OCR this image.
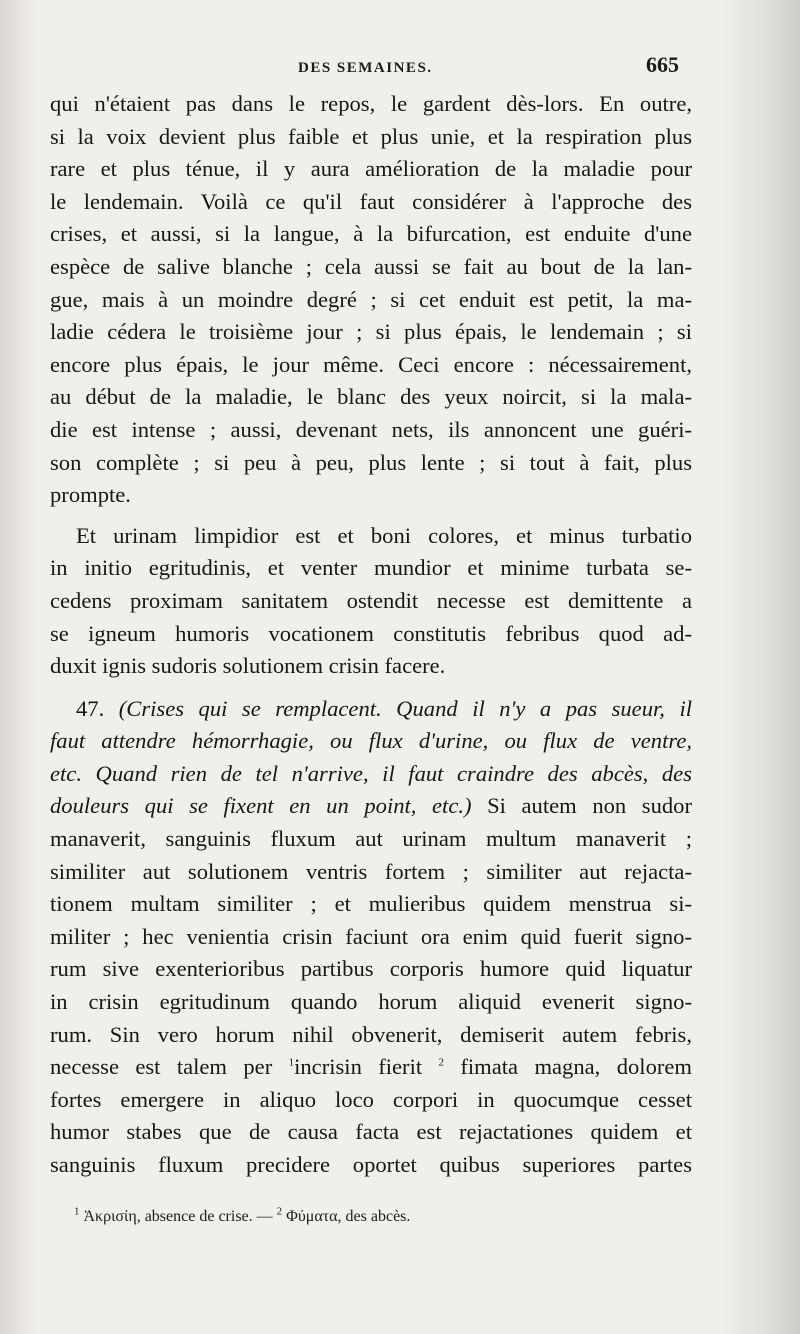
DES SEMAINES.	665
qui n'étaient pas dans le repos, le gardent dès-lors. En outre,
si la voix devient plus faible et plus unie, et la respiration plus
rare et plus ténue, il y aura amélioration de la maladie pour
le lendemain. Voilà ce qu'il faut considérer à l'approche des
crises, et aussi, si la langue, à la bifurcation, est enduite d'une
espèce de salive blanche ; cela aussi se fait au bout de la lan-
gue, mais à un moindre degré ; si cet enduit est petit, la ma-
ladie cédera le troisième jour ; si plus épais, le lendemain ; si
encore plus épais, le jour même. Ceci encore : nécessairement,
au début de la maladie, le blanc des yeux noircit, si la mala-
die est intense ; aussi, devenant nets, ils annoncent une guéri-
son complète ; si peu à peu, plus lente ; si tout à fait, plus
prompte.
Et urinam limpidior est et boni colores, et minus turbatio
in initio egritudinis, et venter mundior et minime turbata se-
cedens proximam sanitatem ostendit necesse est demittente a
se igneum humoris vocationem constitutis febribus quod ad-
duxit ignis sudoris solutionem crisin facere.
47. (Crises qui se remplacent. Quand il n'y a pas sueur, il
faut attendre hémorrhagie, ou flux d'urine, ou flux de ventre,
etc. Quand rien de tel n'arrive, il faut craindre des abcès, des
douleurs qui se fixent en un point, etc.) Si autem non sudor
manaverit, sanguinis fluxum aut urinam multum manaverit ;
similiter aut solutionem ventris fortem ; similiter aut rejacta-
tionem multam similiter ; et mulieribus quidem menstrua si-
militer ; hec venientia crisin faciunt ora enim quid fuerit signo-
rum sive exenterioribus partibus corporis humore quid liquatur
in crisin egritudinum quando horum aliquid evenerit signo-
rum. Sin vero horum nihil obvenerit, demiserit autem febris,
necesse est talem per $^1$incrisin fierit $^2$ fimata magna, dolorem
fortes emergere in aliquo loco corpori in quocumque cesset
humor stabes que de causa facta est rejactationes quidem et
sanguinis fluxum precidere oportet quibus superiores partes
$^1$ Ἀκρισίη, absence de crise. — $^2$ Φύματα, des abcès.
